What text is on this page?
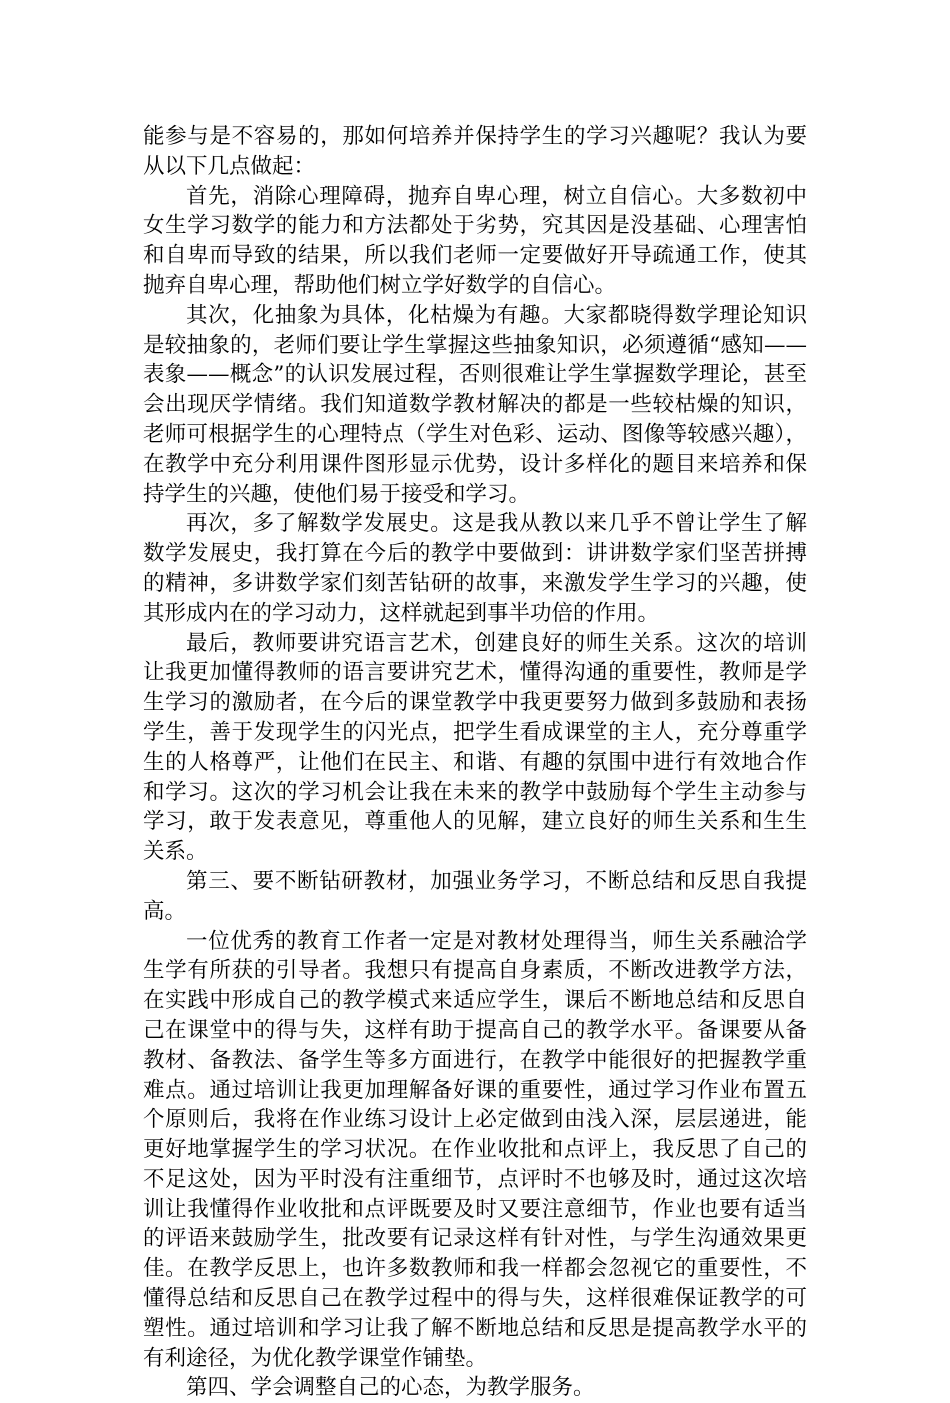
能参与是不容易的，那如何培养并保持学生的学习兴趣呢？我认为要从以下几点做起：

首先，消除心理障碍，抛弃自卑心理，树立自信心。大多数初中女生学习数学的能力和方法都处于劣势，究其因是没基础、心理害怕和自卑而导致的结果，所以我们老师一定要做好开导疏通工作，使其抛弃自卑心理，帮助他们树立学好数学的自信心。

其次，化抽象为具体，化枯燥为有趣。大家都晓得数学理论知识是较抽象的，老师们要让学生掌握这些抽象知识，必须遵循“感知——表象——概念”的认识发展过程，否则很难让学生掌握数学理论，甚至会出现厌学情绪。我们知道数学教材解决的都是一些较枯燥的知识，老师可根据学生的心理特点（学生对色彩、运动、图像等较感兴趣），在教学中充分利用课件图形显示优势，设计多样化的题目来培养和保持学生的兴趣，使他们易于接受和学习。

再次，多了解数学发展史。这是我从教以来几乎不曾让学生了解数学发展史，我打算在今后的教学中要做到：讲讲数学家们坚苦拼搏的精神，多讲数学家们刻苦钻研的故事，来激发学生学习的兴趣，使其形成内在的学习动力，这样就起到事半功倍的作用。

最后，教师要讲究语言艺术，创建良好的师生关系。这次的培训让我更加懂得教师的语言要讲究艺术，懂得沟通的重要性，教师是学生学习的激励者，在今后的课堂教学中我更要努力做到多鼓励和表扬学生，善于发现学生的闪光点，把学生看成课堂的主人，充分尊重学生的人格尊严，让他们在民主、和谐、有趣的氛围中进行有效地合作和学习。这次的学习机会让我在未来的教学中鼓励每个学生主动参与学习，敢于发表意见，尊重他人的见解，建立良好的师生关系和生生关系。

第三、要不断钻研教材，加强业务学习，不断总结和反思自我提高。

一位优秀的教育工作者一定是对教材处理得当，师生关系融洽学生学有所获的引导者。我想只有提高自身素质，不断改进教学方法，在实践中形成自己的教学模式来适应学生，课后不断地总结和反思自己在课堂中的得与失，这样有助于提高自己的教学水平。备课要从备教材、备教法、备学生等多方面进行，在教学中能很好的把握教学重难点。通过培训让我更加理解备好课的重要性，通过学习作业布置五个原则后，我将在作业练习设计上必定做到由浅入深，层层递进，能更好地掌握学生的学习状况。在作业收批和点评上，我反思了自己的不足这处，因为平时没有注重细节，点评时不也够及时，通过这次培训让我懂得作业收批和点评既要及时又要注意细节，作业也要有适当的评语来鼓励学生，批改要有记录这样有针对性，与学生沟通效果更佳。在教学反思上，也许多数教师和我一样都会忽视它的重要性，不懂得总结和反思自己在教学过程中的得与失，这样很难保证教学的可塑性。通过培训和学习让我了解不断地总结和反思是提高教学水平的有利途径，为优化教学课堂作铺垫。

第四、学会调整自己的心态，为教学服务。
